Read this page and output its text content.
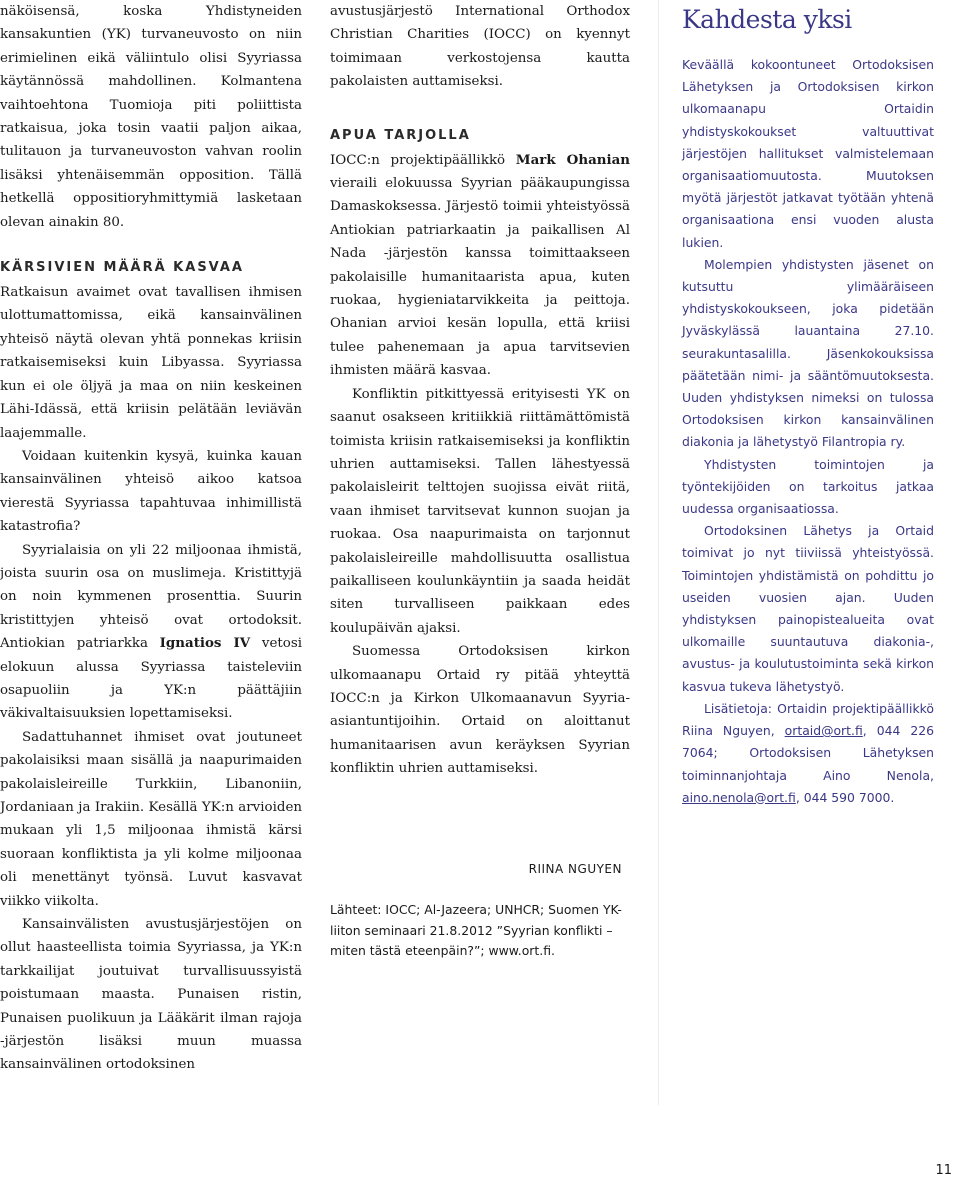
näköisensä, koska Yhdistyneiden kansakuntien (YK) turvaneuvosto on niin erimielinen eikä väliintulo olisi Syyriassa käytännössä mahdollinen. Kolmantena vaihtoehtona Tuomioja piti poliittista ratkaisua, joka tosin vaatii paljon aikaa, tulitauon ja turvaneuvoston vahvan roolin lisäksi yhtenäisemmän opposition. Tällä hetkellä oppositioryhmittymiä lasketaan olevan ainakin 80.

KÄRSIVIEN MÄÄRÄ KASVAA

Ratkaisun avaimet ovat tavallisen ihmisen ulottumattomissa, eikä kansainvälinen yhteisö näytä olevan yhtä ponnekas kriisin ratkaisemiseksi kuin Libyassa. Syyriassa kun ei ole öljyä ja maa on niin keskeinen Lähi-Idässä, että kriisin pelätään leviävän laajemmalle.

Voidaan kuitenkin kysyä, kuinka kauan kansainvälinen yhteisö aikoo katsoa vierestä Syyriassa tapahtuvaa inhimillistä katastrofia?

Syyrialaisia on yli 22 miljoonaa ihmistä, joista suurin osa on muslimeja. Kristittyjä on noin kymmenen prosenttia. Suurin kristittyjen yhteisö ovat ortodoksit. Antiokian patriarkka Ignatios IV vetosi elokuun alussa Syyriassa taisteleviin osapuoliin ja YK:n päättäjiin väkivaltaisuuksien lopettamiseksi.

Sadattuhannet ihmiset ovat joutuneet pakolaisiksi maan sisällä ja naapurimaiden pakolaisleireille Turkkiin, Libanoniin, Jordaniaan ja Irakiin. Kesällä YK:n arvioiden mukaan yli 1,5 miljoonaa ihmistä kärsi suoraan konfliktista ja yli kolme miljoonaa oli menettänyt työnsä. Luvut kasvavat viikko viikolta.

Kansainvälisten avustusjärjestöjen on ollut haasteellista toimia Syyriassa, ja YK:n tarkkailijat joutuivat turvallisuussyistä poistumaan maasta. Punaisen ristin, Punaisen puolikuun ja Lääkärit ilman rajoja -järjestön lisäksi muun muassa kansainvälinen ortodoksinen

avustusjärjestö International Orthodox Christian Charities (IOCC) on kyennyt toimimaan verkostojensa kautta pakolaisten auttamiseksi.

APUA TARJOLLA

IOCC:n projektipäällikkö Mark Ohanian vieraili elokuussa Syyrian pääkaupungissa Damaskoksessa. Järjestö toimii yhteistyössä Antiokian patriarkaatin ja paikallisen Al Nada -järjestön kanssa toimittaakseen pakolaisille humanitaarista apua, kuten ruokaa, hygieniatarvikkeita ja peittoja. Ohanian arvioi kesän lopulla, että kriisi tulee pahenemaan ja apua tarvitsevien ihmisten määrä kasvaa.

Konfliktin pitkittyessä erityisesti YK on saanut osakseen kritiikkiä riittämättömistä toimista kriisin ratkaisemiseksi ja konfliktin uhrien auttamiseksi. Tallen lähestyessä pakolaisleirit telttojen suojissa eivät riitä, vaan ihmiset tarvitsevat kunnon suojan ja ruokaa. Osa naapurimaista on tarjonnut pakolaisleireille mahdollisuutta osallistua paikalliseen koulunkäyntiin ja saada heidät siten turvalliseen paikkaan edes koulupäivän ajaksi.

Suomessa Ortodoksisen kirkon ulkomaanapu Ortaid ry pitää yhteyttä IOCC:n ja Kirkon Ulkomaanavun Syyria-asiantuntijoihin. Ortaid on aloittanut humanitaarisen avun keräyksen Syyrian konfliktin uhrien auttamiseksi.

RIINA NGUYEN
Lähteet: IOCC; Al-Jazeera; UNHCR; Suomen YK-liiton seminaari 21.8.2012 ”Syyrian konflikti – miten tästä eteenpäin?”; www.ort.fi.
Kahdesta yksi

Keväällä kokoontuneet Ortodoksisen Lähetyksen ja Ortodoksisen kirkon ulkomaanapu Ortaidin yhdistyskokoukset valtuuttivat järjestöjen hallitukset valmistelemaan organisaatiomuutosta. Muutoksen myötä järjestöt jatkavat työtään yhtenä organisaationa ensi vuoden alusta lukien.

Molempien yhdistysten jäsenet on kutsuttu ylimääräiseen yhdistyskokoukseen, joka pidetään Jyväskylässä lauantaina 27.10. seurakuntasalilla. Jäsenkokouksissa päätetään nimi- ja sääntömuutoksesta. Uuden yhdistyksen nimeksi on tulossa Ortodoksisen kirkon kansainvälinen diakonia ja lähetystyö Filantropia ry.

Yhdistysten toimintojen ja työntekijöiden on tarkoitus jatkaa uudessa organisaatiossa.

Ortodoksinen Lähetys ja Ortaid toimivat jo nyt tiiviissä yhteistyössä. Toimintojen yhdistämistä on pohdittu jo useiden vuosien ajan. Uuden yhdistyksen painopistealueita ovat ulkomaille suuntautuva diakonia-, avustus- ja koulutustoiminta sekä kirkon kasvua tukeva lähetystyö.

Lisätietoja: Ortaidin projektipäällikkö Riina Nguyen, ortaid@ort.fi, 044 226 7064; Ortodoksisen Lähetyksen toiminnanjohtaja Aino Nenola, aino.nenola@ort.fi, 044 590 7000.

11
